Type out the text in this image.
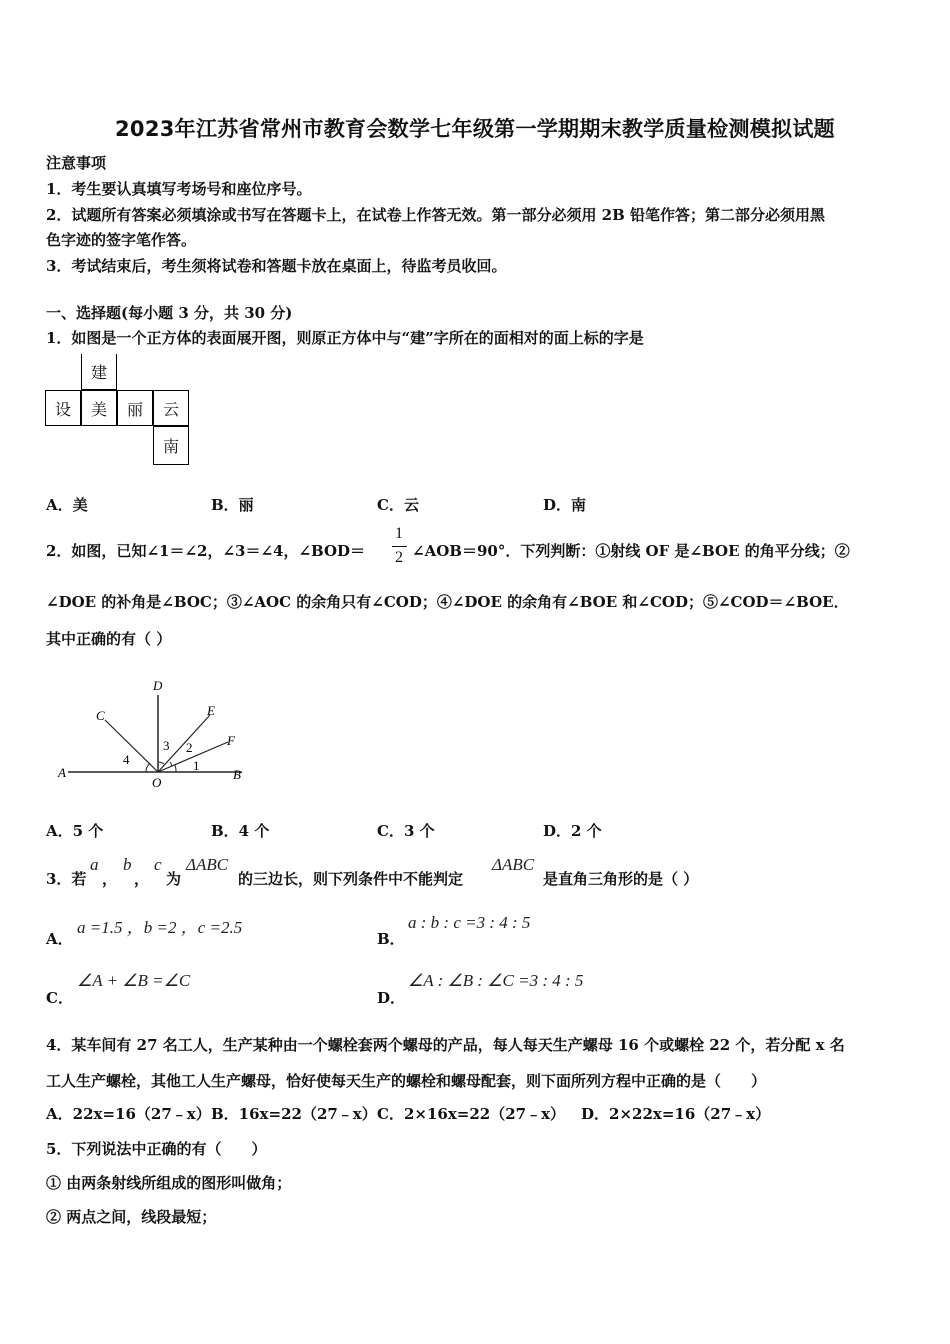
2023年江苏省常州市教育会数学七年级第一学期期末教学质量检测模拟试题
注意事项
1．考生要认真填写考场号和座位序号。
2．试题所有答案必须填涂或书写在答题卡上，在试卷上作答无效。第一部分必须用 2B 铅笔作答；第二部分必须用黑
色字迹的签字笔作答。
3．考试结束后，考生须将试卷和答题卡放在桌面上，待监考员收回。
一、选择题(每小题 3 分，共 30 分)
1．如图是一个正方体的表面展开图，则原正方体中与“建”字所在的面相对的面上标的字是
建
设	美	丽	云
南
A．美	B．丽	C．云	D．南
2．如图，已知∠1＝∠2，∠3＝∠4，∠BOD＝
1
2 ∠AOB＝90°．下列判断：①射线 OF 是∠BOE 的角平分线；②
∠DOE 的补角是∠BOC；③∠AOC 的余角只有∠COD；④∠DOE 的余角有∠BOE 和∠COD；⑤∠COD＝∠BOE．
其中正确的有（ ）
A	B
C
D
E
F
O
1
2
3
4
A．5 个	B．4 个	C．3 个	D．2 个
3．若
a
，
b
，
c
为
ΔABC
的三边长，则下列条件中不能判定
ΔABC
是直角三角形的是（ ）
A．
a =1.5 ，b =2 ，c =2.5
B．
a : b : c =3 : 4 : 5
C．
∠A + ∠B =∠C
D．
∠A : ∠B : ∠C =3 : 4 : 5
4．某车间有 27 名工人，生产某种由一个螺栓套两个螺母的产品，每人每天生产螺母 16 个或螺栓 22 个，若分配 x 名
工人生产螺栓，其他工人生产螺母，恰好使每天生产的螺栓和螺母配套，则下面所列方程中正确的是（　　）
A．22x=16（27﹣x） B．16x=22（27﹣x） C．2×16x=22（27﹣x） D．2×22x=16（27﹣x）
5．下列说法中正确的有（　　）
① 由两条射线所组成的图形叫做角；
② 两点之间，线段最短；
